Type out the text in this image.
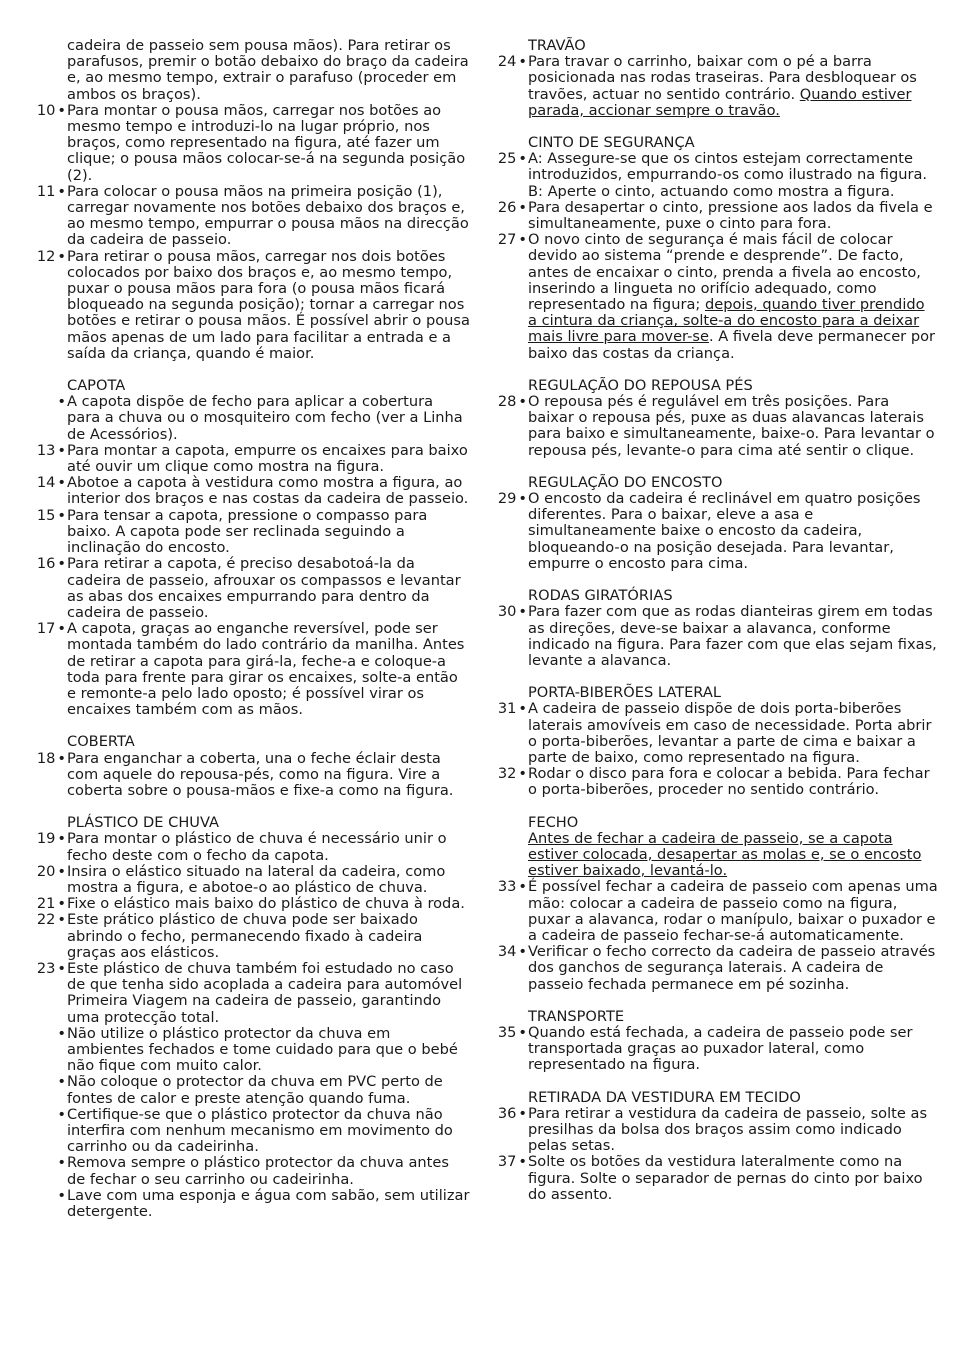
cadeira de passeio sem pousa mãos). Para retirar os parafusos, premir o botão debaixo do braço da cadeira e, ao mesmo tempo, extrair o parafuso (proceder em ambos os braços).
10 • Para montar o pousa mãos, carregar nos botões ao mesmo tempo e introduzi-lo na lugar próprio, nos braços, como representado na figura, até fazer um clique; o pousa mãos colocar-se-á na segunda posição (2).
11 • Para colocar o pousa mãos na primeira posição (1), carregar novamente nos botões debaixo dos braços e, ao mesmo tempo, empurrar o pousa mãos na direcção da cadeira de passeio.
12 • Para retirar o pousa mãos, carregar nos dois botões colocados por baixo dos braços e, ao mesmo tempo, puxar o pousa mãos para fora (o pousa mãos ficará bloqueado na segunda posição); tornar a carregar nos botões e retirar o pousa mãos. É possível abrir o pousa mãos apenas de um lado para facilitar a entrada e a saída da criança, quando é maior.
CAPOTA
• A capota dispõe de fecho para aplicar a cobertura para a chuva ou o mosquiteiro com fecho (ver a Linha de Acessórios).
13 • Para montar a capota, empurre os encaixes para baixo até ouvir um clique como mostra na figura.
14 • Abotoe a capota à vestidura como mostra a figura, ao interior dos braços e nas costas da cadeira de passeio.
15 • Para tensar a capota, pressione o compasso para baixo. A capota pode ser reclinada seguindo a inclinação do encosto.
16 • Para retirar a capota, é preciso desabotoá-la da cadeira de passeio, afrouxar os compassos e levantar as abas dos encaixes empurrando para dentro da cadeira de passeio.
17 • A capota, graças ao enganche reversível, pode ser montada também do lado contrário da manilha. Antes de retirar a capota para girá-la, feche-a e coloque-a toda para frente para girar os encaixes, solte-a então e remonte-a pelo lado oposto; é possível virar os encaixes também com as mãos.
COBERTA
18 • Para enganchar a coberta, una o feche éclair desta com aquele do repousa-pés, como na figura. Vire a coberta sobre o pousa-mãos e fixe-a como na figura.
PLÁSTICO DE CHUVA
19 • Para montar o plástico de chuva é necessário unir o fecho deste com o fecho da capota.
20 • Insira o elástico situado na lateral da cadeira, como mostra a figura, e abotoe-o ao plástico de chuva.
21 • Fixe o elástico mais baixo do plástico de chuva à roda.
22 • Este prático plástico de chuva pode ser baixado abrindo o fecho, permanecendo fixado à cadeira graças aos elásticos.
23 • Este plástico de chuva também foi estudado no caso de que tenha sido acoplada a cadeira para automóvel Primeira Viagem na cadeira de passeio, garantindo uma protecção total.
• Não utilize o plástico protector da chuva em ambientes fechados e tome cuidado para que o bebé não fique com muito calor.
• Não coloque o protector da chuva em PVC perto de fontes de calor e preste atenção quando fuma.
• Certifique-se que o plástico protector da chuva não interfira com nenhum mecanismo em movimento do carrinho ou da cadeirinha.
• Remova sempre o plástico protector da chuva antes de fechar o seu carrinho ou cadeirinha.
• Lave com uma esponja e água com sabão, sem utilizar detergente.
TRAVÃO
24 • Para travar o carrinho, baixar com o pé a barra posicionada nas rodas traseiras. Para desbloquear os travões, actuar no sentido contrário. Quando estiver parada, accionar sempre o travão.
CINTO DE SEGURANÇA
25 • A: Assegure-se que os cintos estejam correctamente introduzidos, empurrando-os como ilustrado na figura. B: Aperte o cinto, actuando como mostra a figura.
26 • Para desapertar o cinto, pressione aos lados da fivela e simultaneamente, puxe o cinto para fora.
27 • O novo cinto de segurança é mais fácil de colocar devido ao sistema “prende e desprende”. De facto, antes de encaixar o cinto, prenda a fivela ao encosto, inserindo a lingueta no orifício adequado, como representado na figura; depois, quando tiver prendido a cintura da criança, solte-a do encosto para a deixar mais livre para mover-se. A fivela deve permanecer por baixo das costas da criança.
REGULAÇÃO DO REPOUSA PÉS
28 • O repousa pés é regulável em três posições. Para baixar o repousa pés, puxe as duas alavancas laterais para baixo e simultaneamente, baixe-o. Para levantar o repousa pés, levante-o para cima até sentir o clique.
REGULAÇÃO DO ENCOSTO
29 • O encosto da cadeira é reclinável em quatro posições diferentes. Para o baixar, eleve a asa e simultaneamente baixe o encosto da cadeira, bloqueando-o na posição desejada. Para levantar, empurre o encosto para cima.
RODAS GIRATÓRIAS
30 • Para fazer com que as rodas dianteiras girem em todas as direções, deve-se baixar a alavanca, conforme indicado na figura. Para fazer com que elas sejam fixas, levante a alavanca.
PORTA-BIBERÕES LATERAL
31 • A cadeira de passeio dispõe de dois porta-biberões laterais amovíveis em caso de necessidade. Porta abrir o porta-biberões, levantar a parte de cima e baixar a parte de baixo, como representado na figura.
32 • Rodar o disco para fora e colocar a bebida. Para fechar o porta-biberões, proceder no sentido contrário.
FECHO
Antes de fechar a cadeira de passeio, se a capota estiver colocada, desapertar as molas e, se o encosto estiver baixado, levantá-lo.
33 • É possível fechar a cadeira de passeio com apenas uma mão: colocar a cadeira de passeio como na figura, puxar a alavanca, rodar o manípulo, baixar o puxador e a cadeira de passeio fechar-se-á automaticamente.
34 • Verificar o fecho correcto da cadeira de passeio através dos ganchos de segurança laterais. A cadeira de passeio fechada permanece em pé sozinha.
TRANSPORTE
35 • Quando está fechada, a cadeira de passeio pode ser transportada graças ao puxador lateral, como representado na figura.
RETIRADA DA VESTIDURA EM TECIDO
36 • Para retirar a vestidura da cadeira de passeio, solte as presilhas da bolsa dos braços assim como indicado pelas setas.
37 • Solte os botões da vestidura lateralmente como na figura. Solte o separador de pernas do cinto por baixo do assento.
